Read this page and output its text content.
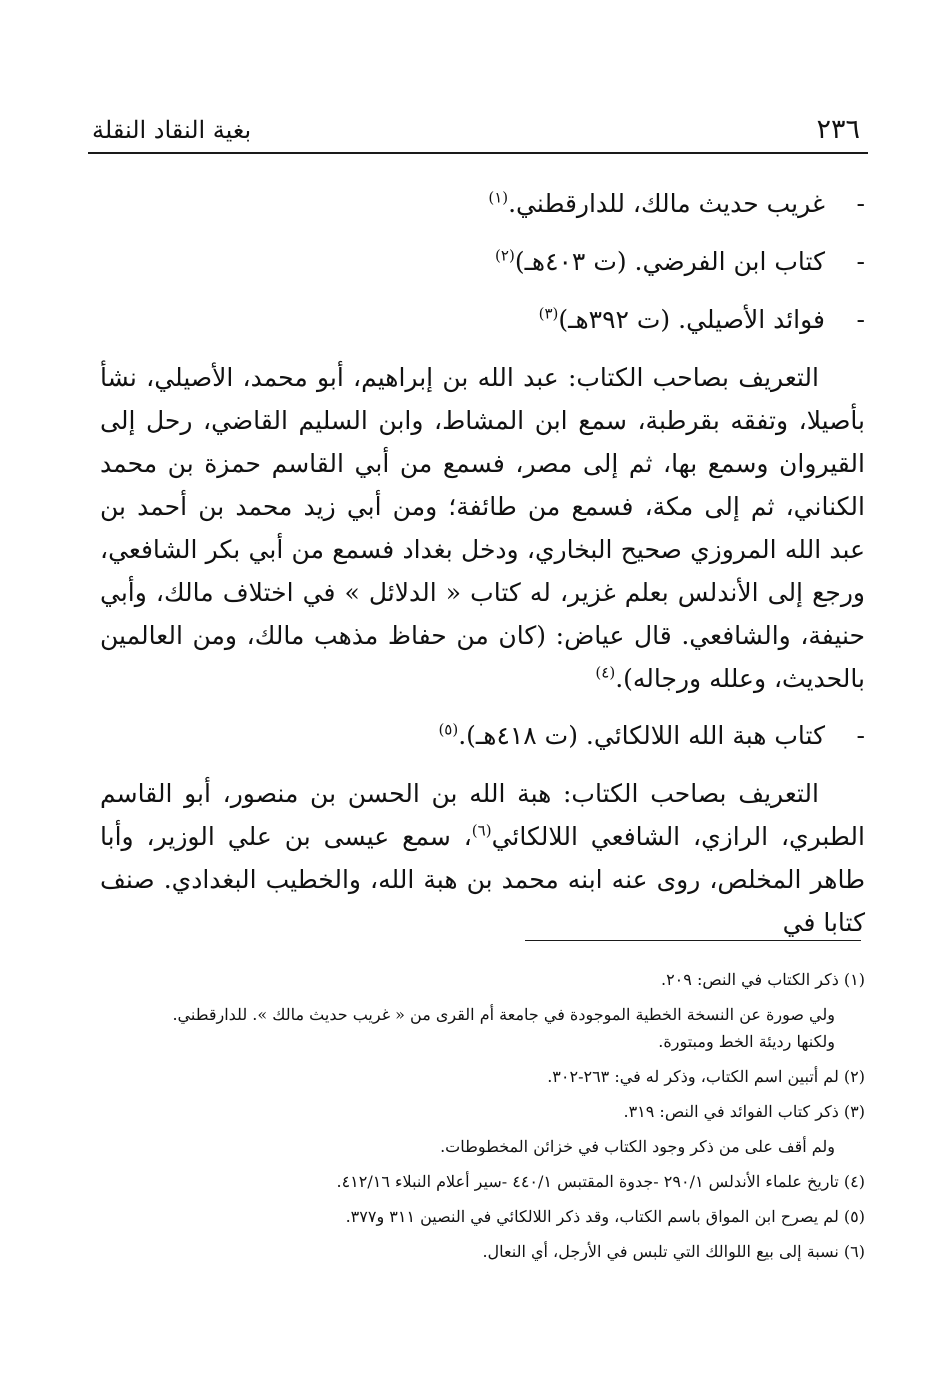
٢٣٦
بغية النقاد النقلة
-غريب حديث مالك، للدارقطني.$^{(١)}$
-كتاب ابن الفرضي. (ت ٤٠٣هـ)$^{(٢)}$
-فوائد الأصيلي. (ت ٣٩٢هـ)$^{(٣)}$

التعريف بصاحب الكتاب: عبد الله بن إبراهيم، أبو محمد، الأصيلي، نشأ بأصيلا، وتفقه بقرطبة، سمع ابن المشاط، وابن السليم القاضي، رحل إلى القيروان وسمع بها، ثم إلى مصر، فسمع من أبي القاسم حمزة بن محمد الكناني، ثم إلى مكة، فسمع من طائفة؛ ومن أبي زيد محمد بن أحمد بن عبد الله المروزي صحيح البخاري، ودخل بغداد فسمع من أبي بكر الشافعي، ورجع إلى الأندلس بعلم غزير، له كتاب « الدلائل » في اختلاف مالك، وأبي حنيفة، والشافعي. قال عياض: (كان من حفاظ مذهب مالك، ومن العالمين بالحديث، وعلله ورجاله).$^{(٤)}$

-كتاب هبة الله اللالكائي. (ت ٤١٨هـ).$^{(٥)}$

التعريف بصاحب الكتاب: هبة الله بن الحسن بن منصور، أبو القاسم الطبري، الرازي، الشافعي اللالكائي$^{(٦)}$، سمع عيسى بن علي الوزير، وأبا طاهر المخلص، روى عنه ابنه محمد بن هبة الله، والخطيب البغدادي. صنف كتابا في

(١) ذكر الكتاب في النص: ٢٠٩.

ولي صورة عن النسخة الخطية الموجودة في جامعة أم القرى من « غريب حديث مالك ». للدارقطني. ولكنها رديئة الخط ومبتورة.

(٢) لم أتبين اسم الكتاب، وذكر له في: ٢٦٣-٣٠٢.

(٣) ذكر كتاب الفوائد في النص: ٣١٩.

ولم أقف على من ذكر وجود الكتاب في خزائن المخطوطات.

(٤) تاريخ علماء الأندلس ٢٩٠/١ -جدوة المقتبس ٤٤٠/١ -سير أعلام النبلاء ٤١٢/١٦.

(٥) لم يصرح ابن المواق باسم الكتاب، وقد ذكر اللالكائي في النصين ٣١١ و٣٧٧.

(٦) نسبة إلى بيع اللوالك التي تلبس في الأرجل، أي النعال.
